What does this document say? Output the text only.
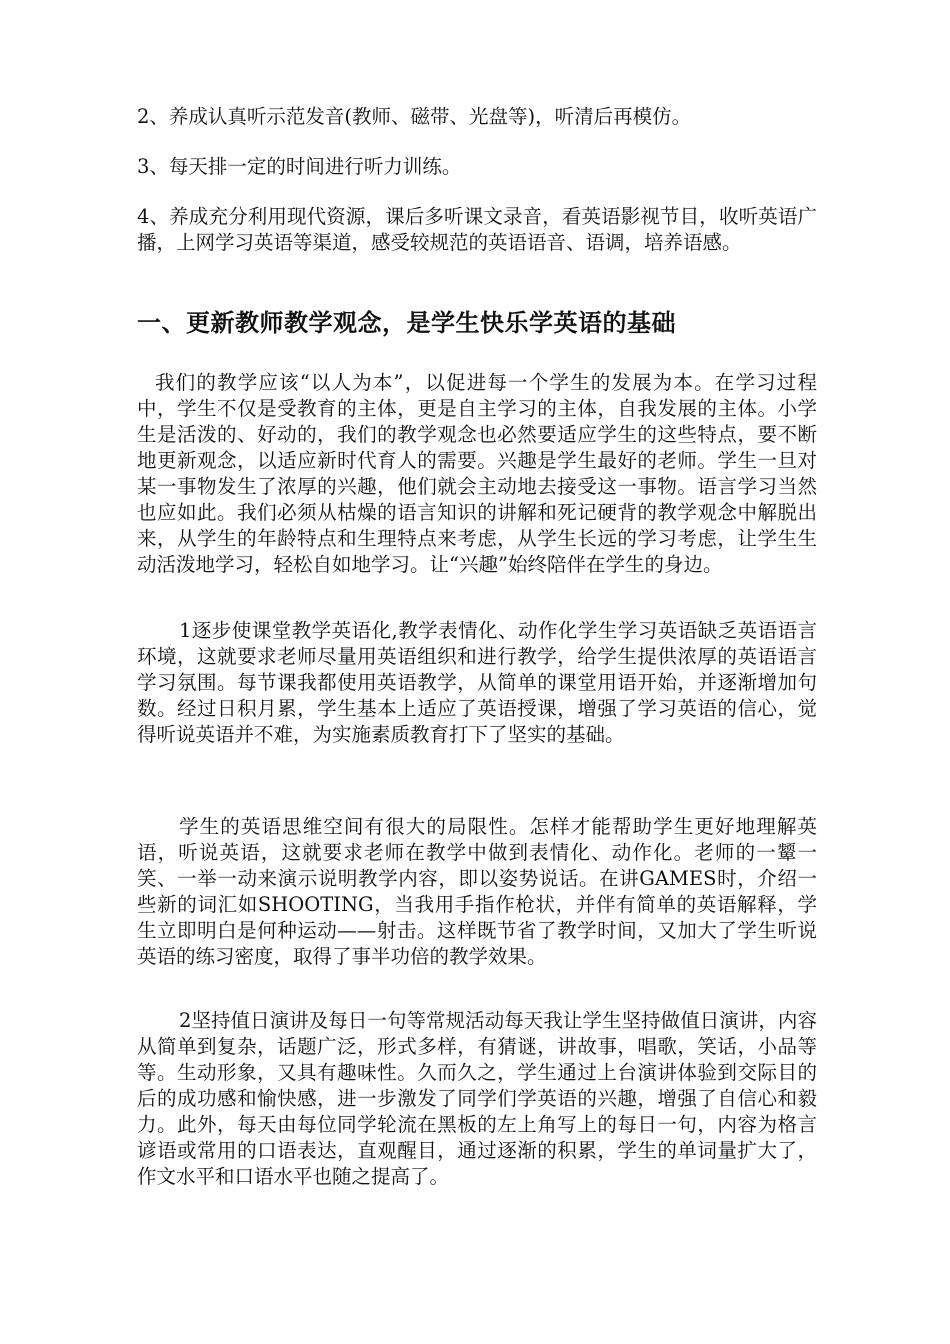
2、养成认真听示范发音(教师、磁带、光盘等)，听清后再模仿。

3、每天排一定的时间进行听力训练。

4、养成充分利用现代资源，课后多听课文录音，看英语影视节目，收听英语广播，上网学习英语等渠道，感受较规范的英语语音、语调，培养语感。

一、更新教师教学观念，是学生快乐学英语的基础

我们的教学应该“以人为本”，以促进每一个学生的发展为本。在学习过程中，学生不仅是受教育的主体，更是自主学习的主体，自我发展的主体。小学生是活泼的、好动的，我们的教学观念也必然要适应学生的这些特点，要不断地更新观念，以适应新时代育人的需要。兴趣是学生最好的老师。学生一旦对某一事物发生了浓厚的兴趣，他们就会主动地去接受这一事物。语言学习当然也应如此。我们必须从枯燥的语言知识的讲解和死记硬背的教学观念中解脱出来，从学生的年龄特点和生理特点来考虑，从学生长远的学习考虑，让学生生动活泼地学习，轻松自如地学习。让“兴趣”始终陪伴在学生的身边。

1逐步使课堂教学英语化,教学表情化、动作化学生学习英语缺乏英语语言环境，这就要求老师尽量用英语组织和进行教学，给学生提供浓厚的英语语言学习氛围。每节课我都使用英语教学，从简单的课堂用语开始，并逐渐增加句数。经过日积月累，学生基本上适应了英语授课，增强了学习英语的信心，觉得听说英语并不难，为实施素质教育打下了坚实的基础。

学生的英语思维空间有很大的局限性。怎样才能帮助学生更好地理解英语，听说英语，这就要求老师在教学中做到表情化、动作化。老师的一颦一笑、一举一动来演示说明教学内容，即以姿势说话。在讲GAMES时，介绍一些新的词汇如SHOOTING，当我用手指作枪状，并伴有简单的英语解释，学生立即明白是何种运动——射击。这样既节省了教学时间，又加大了学生听说英语的练习密度，取得了事半功倍的教学效果。

2坚持值日演讲及每日一句等常规活动每天我让学生坚持做值日演讲，内容从简单到复杂，话题广泛，形式多样，有猜谜，讲故事，唱歌，笑话，小品等等。生动形象，又具有趣味性。久而久之，学生通过上台演讲体验到交际目的后的成功感和愉快感，进一步激发了同学们学英语的兴趣，增强了自信心和毅力。此外，每天由每位同学轮流在黑板的左上角写上的每日一句，内容为格言谚语或常用的口语表达，直观醒目，通过逐渐的积累，学生的单词量扩大了，作文水平和口语水平也随之提高了。
